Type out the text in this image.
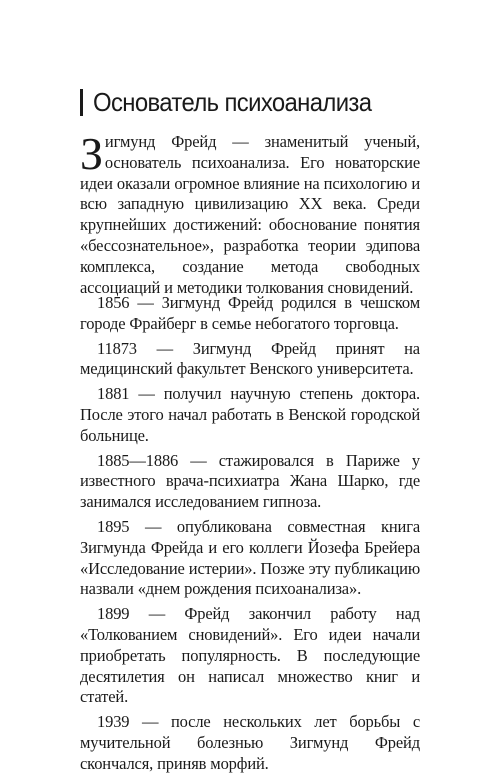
Основатель психоанализа
Зигмунд Фрейд — знаменитый ученый, основатель психоанализа. Его новаторские идеи оказали огромное влияние на психологию и всю западную цивилизацию XX века. Среди крупнейших достижений: обоснование понятия «бессознательное», разработка теории эдипова комплекса, создание метода свободных ассоциаций и методики толкования сновидений.

1856 — Зигмунд Фрейд родился в чешском городе Фрайберг в семье небогатого торговца.

11873 — Зигмунд Фрейд принят на медицинский факультет Венского университета.

1881 — получил научную степень доктора. После этого начал работать в Венской городской больнице.

1885—1886 — стажировался в Париже у известного врача-психиатра Жана Шарко, где занимался исследованием гипноза.

1895 — опубликована совместная книга Зигмунда Фрейда и его коллеги Йозефа Брейера «Исследование истерии». Позже эту публикацию назвали «днем рождения психоанализа».

1899 — Фрейд закончил работу над «Толкованием сновидений». Его идеи начали приобретать популярность. В последующие десятилетия он написал множество книг и статей.

1939 — после нескольких лет борьбы с мучительной болезнью Зигмунд Фрейд скончался, приняв морфий.
